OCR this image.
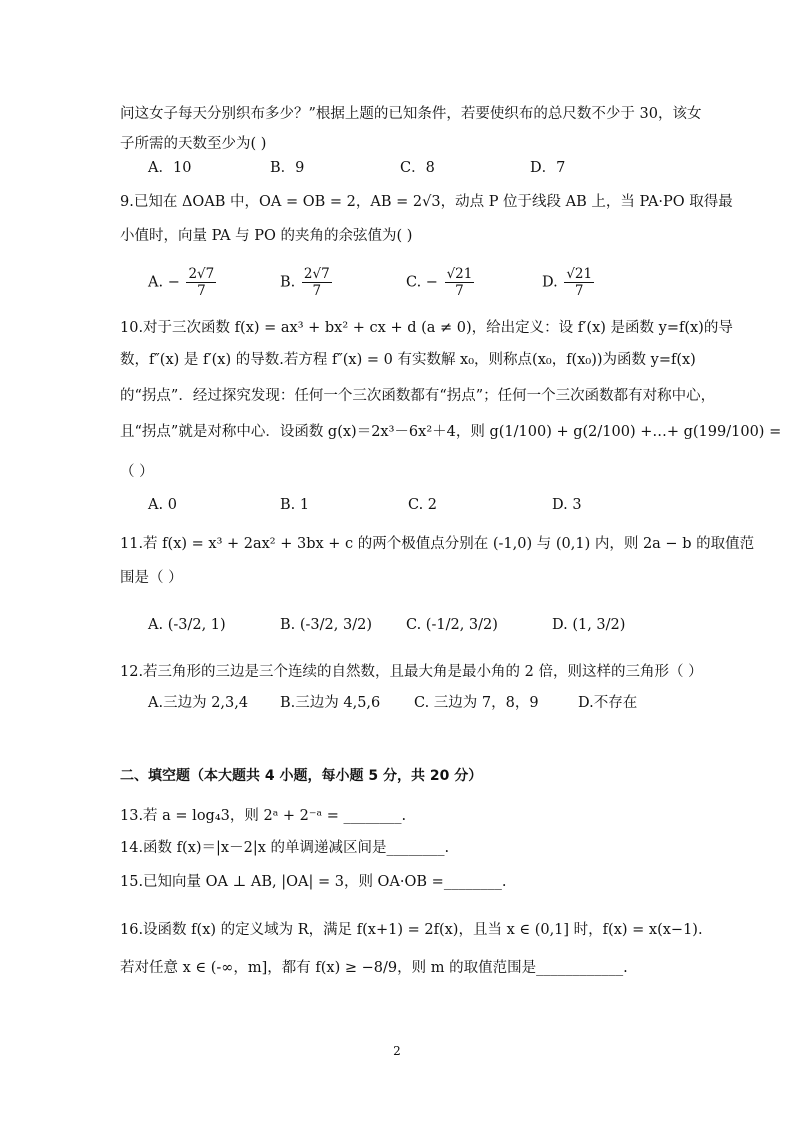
问这女子每天分别织布多少？”根据上题的已知条件，若要使织布的总尺数不少于 30，该女
子所需的天数至少为( )
A．10	B．9	C．8	D．7
9.已知在 ΔOAB 中，OA = OB = 2，AB = 2√3，动点 P 位于线段 AB 上，当 PA·PO 取得最
小值时，向量 PA 与 PO 的夹角的余弦值为( )
A. − $\frac{2√7}{7}$	B. $\frac{2√7}{7}$	C. − $\frac{√21}{7}$	D. $\frac{√21}{7}$
10.对于三次函数 f(x) = ax³ + bx² + cx + d (a ≠ 0)，给出定义：设 f′(x) 是函数 y=f(x)的导
数，f″(x) 是 f′(x) 的导数.若方程 f″(x) = 0 有实数解 x₀，则称点(x₀，f(x₀))为函数 y=f(x)
的“拐点”．经过探究发现：任何一个三次函数都有“拐点”；任何一个三次函数都有对称中心，
且“拐点”就是对称中心．设函数 g(x)＝2x³－6x²＋4，则 g(1/100) + g(2/100) +…+ g(199/100) =
（ ）
A. 0	B. 1	C. 2	D. 3
11.若 f(x) = x³ + 2ax² + 3bx + c 的两个极值点分别在 (-1,0) 与 (0,1) 内，则 2a − b 的取值范
围是（ ）
A. (-3/2, 1)	B. (-3/2, 3/2) C. (-1/2, 3/2)	D. (1, 3/2)
12.若三角形的三边是三个连续的自然数，且最大角是最小角的 2 倍，则这样的三角形（ ）
A.三边为 2,3,4 B.三边为 4,5,6 C. 三边为 7，8，9	D.不存在
二、填空题（本大题共 4 小题，每小题 5 分，共 20 分）
13.若 a = log₄3，则 2ᵃ + 2⁻ᵃ = ________.
14.函数 f(x)＝|x－2|x 的单调递减区间是________.
15.已知向量 OA ⊥ AB, |OA| = 3，则 OA·OB =________.
16.设函数 f(x) 的定义域为 R，满足 f(x+1) = 2f(x)，且当 x ∈ (0,1] 时，f(x) = x(x−1).
若对任意 x ∈ (-∞，m]，都有 f(x) ≥ −8/9，则 m 的取值范围是____________.
2
